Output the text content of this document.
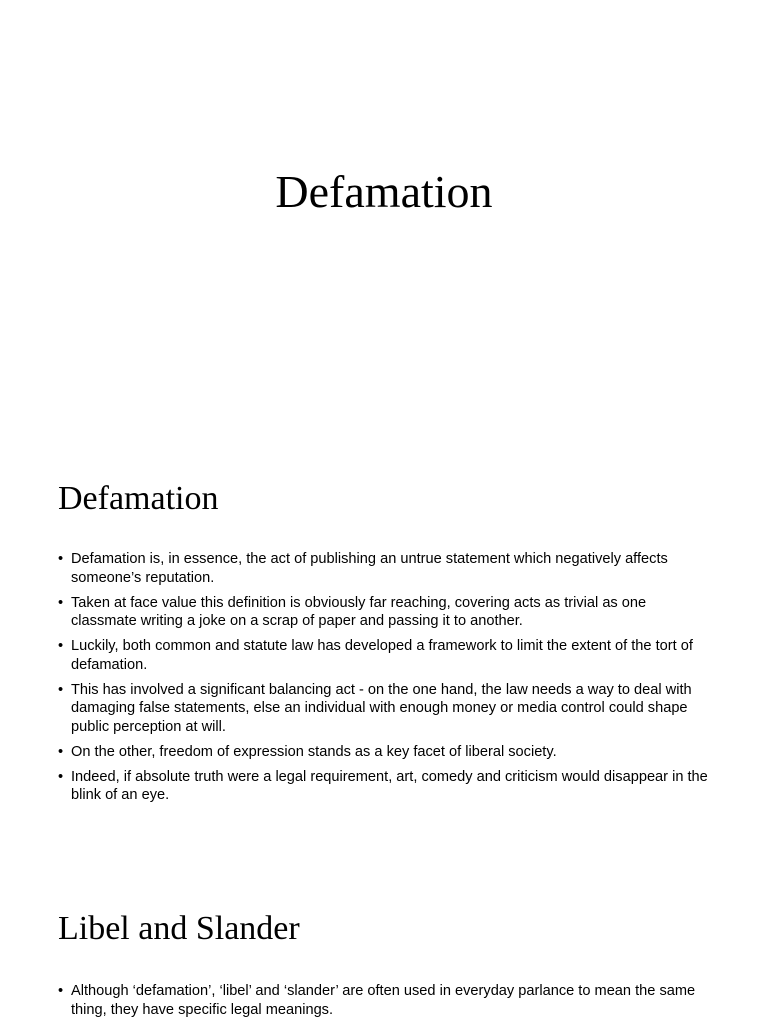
Defamation
Defamation
• Defamation is, in essence, the act of publishing an untrue statement which negatively affects someone’s reputation.
• Taken at face value this definition is obviously far reaching, covering acts as trivial as one classmate writing a joke on a scrap of paper and passing it to another.
• Luckily, both common and statute law has developed a framework to limit the extent of the tort of defamation.
• This has involved a significant balancing act - on the one hand, the law needs a way to deal with damaging false statements, else an individual with enough money or media control could shape public perception at will.
• On the other, freedom of expression stands as a key facet of liberal society.
• Indeed, if absolute truth were a legal requirement, art, comedy and criticism would disappear in the blink of an eye.
Libel and Slander
• Although ‘defamation’, ‘libel’ and ‘slander’ are often used in everyday parlance to mean the same thing, they have specific legal meanings.
